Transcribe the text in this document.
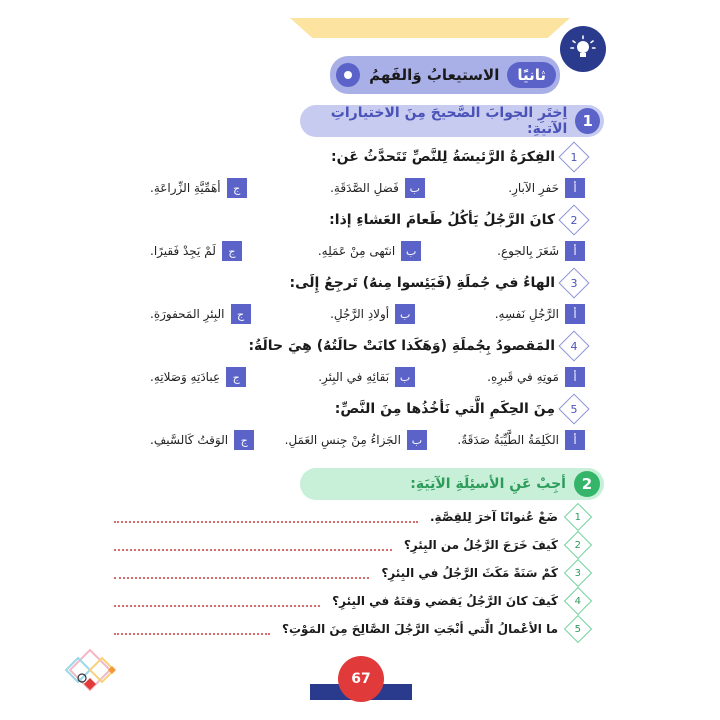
ثانيًا
الاستيعابُ وَالفَهمُ
1
اِختَرِ الجوابَ الصَّحيحَ مِنَ الاختياراتِ الآتيةِ:
1
الفِكرَةُ الرَّئيسَةُ لِلنَّصِّ تَتَحدَّثُ عَن:
أ
حَفرِ الآبارِ.
ب
فَضلِ الصَّدَقَةِ.
ج
أهَمِّيَّةِ الزِّراعَةِ.
2
كانَ الرَّجُلُ يَأكُلُ طَعامَ العَشاءِ إذا:
أ
شَعَرَ بِالجوعِ.
ب
انتَهى مِنْ عَمَلِهِ.
ج
لَمْ يَجِدْ فَقيرًا.
3
الهاءُ في جُملَةِ (فَيَئِسوا مِنهُ) تَرجِعُ إِلَى:
أ
الرَّجُلِ نَفسِهِ.
ب
أولادِ الرَّجُلِ.
ج
البِئرِ المَحفورَةِ.
4
المَقصودُ بِجُملَةِ (وَهَكَذا كانَتْ حالَتُهُ) هِيَ حالَةُ:
أ
مَوتِهِ في قَبرِهِ.
ب
بَقائِهِ في البِئرِ.
ج
عِبادَتِهِ وَصَلاتِهِ.
5
مِنَ الحِكَمِ الَّتي نَأخُذُها مِنَ النَّصِّ:
أ
الكَلِمَةُ الطَّيِّبَةُ صَدَقَةٌ.
ب
الجَزاءُ مِنْ جِنسِ العَمَلِ.
ج
الوَقتُ كَالسَّيفِ.
2
أجِبْ عَنِ الأسئِلَةِ الآتِيَةِ:
1
ضَعْ عُنوانًا آخرَ لِلقِصَّةِ.
2
كَيفَ خَرَجَ الرَّجُلُ من البِئرِ؟
3
كَمْ سَنَةً مَكَثَ الرَّجُلُ في البِئرِ؟
4
كَيفَ كانَ الرَّجُلُ يَقضي وَقتَهُ في البِئرِ؟
5
ما الأعْمالُ الَّتي أنْجَتِ الرَّجُلَ الصَّالِحَ مِنَ المَوْتِ؟
67
